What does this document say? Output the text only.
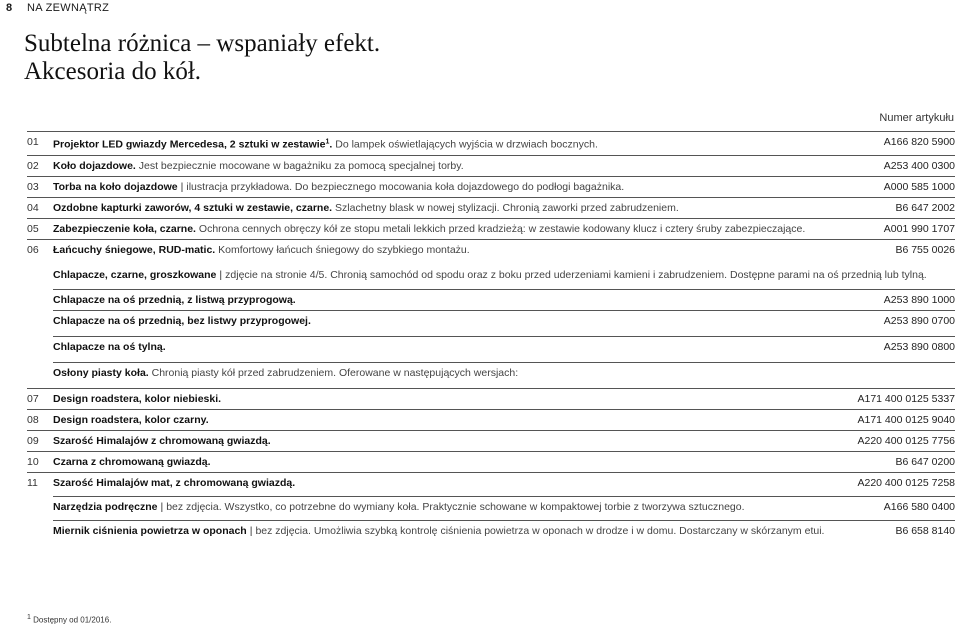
8 NA ZEWNĄTRZ
Subtelna różnica – wspaniały efekt.
Akcesoria do kół.
Numer artykułu
01	Projektor LED gwiazdy Mercedesa, 2 sztuki w zestawie$^1$. Do lampek oświetlających wyjścia w drzwiach bocznych.	A166 820 5900
02	Koło dojazdowe. Jest bezpiecznie mocowane w bagażniku za pomocą specjalnej torby.	A253 400 0300
03	Torba na koło dojazdowe | ilustracja przykładowa. Do bezpiecznego mocowania koła dojazdowego do podłogi bagażnika.	A000 585 1000
04	Ozdobne kapturki zaworów, 4 sztuki w zestawie, czarne. Szlachetny blask w nowej stylizacji. Chronią zaworki przed zabrudzeniem.	B6 647 2002
05	Zabezpieczenie koła, czarne. Ochrona cennych obręczy kół ze stopu metali lekkich przed kradzieżą: w zestawie kodowany klucz i cztery śruby zabezpieczające.	A001 990 1707
06	Łańcuchy śniegowe, RUD-matic. Komfortowy łańcuch śniegowy do szybkiego montażu.	B6 755 0026
Chlapacze, czarne, groszkowane | zdjęcie na stronie 4/5. Chronią samochód od spodu oraz z boku przed uderzeniami kamieni i zabrudzeniem. Dostępne parami na oś przednią lub tylną.
Chlapacze na oś przednią, z listwą przyprogową.	A253 890 1000
Chlapacze na oś przednią, bez listwy przyprogowej.	A253 890 0700
Chlapacze na oś tylną.	A253 890 0800
Osłony piasty koła. Chronią piasty kół przed zabrudzeniem. Oferowane w następujących wersjach:
07	Design roadstera, kolor niebieski.	A171 400 0125 5337
08	Design roadstera, kolor czarny.	A171 400 0125 9040
09	Szarość Himalajów z chromowaną gwiazdą.	A220 400 0125 7756
10	Czarna z chromowaną gwiazdą.	B6 647 0200
11	Szarość Himalajów mat, z chromowaną gwiazdą.	A220 400 0125 7258
Narzędzia podręczne | bez zdjęcia. Wszystko, co potrzebne do wymiany koła. Praktycznie schowane w kompaktowej torbie z tworzywa sztucznego.	A166 580 0400
Miernik ciśnienia powietrza w oponach | bez zdjęcia. Umożliwia szybką kontrolę ciśnienia powietrza w oponach w drodze i w domu. Dostarczany w skórzanym etui.	B6 658 8140
$^1$ Dostępny od 01/2016.
